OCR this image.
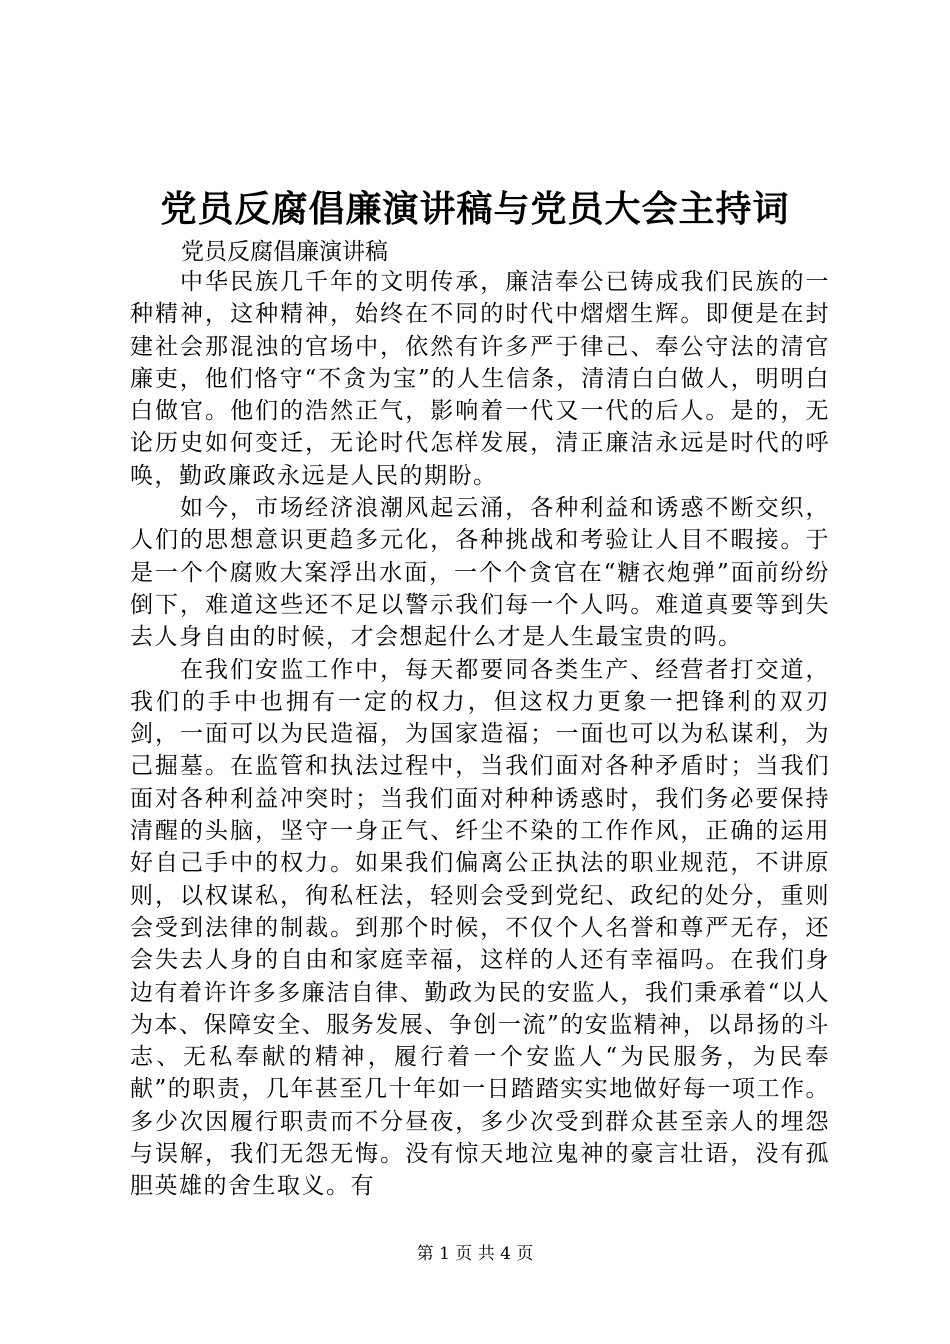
党员反腐倡廉演讲稿与党员大会主持词

党员反腐倡廉演讲稿

中华民族几千年的文明传承，廉洁奉公已铸成我们民族的一种精神，这种精神，始终在不同的时代中熠熠生辉。即便是在封建社会那混浊的官场中，依然有许多严于律己、奉公守法的清官廉吏，他们恪守“不贪为宝”的人生信条，清清白白做人，明明白白做官。他们的浩然正气，影响着一代又一代的后人。是的，无论历史如何变迁，无论时代怎样发展，清正廉洁永远是时代的呼唤，勤政廉政永远是人民的期盼。

如今，市场经济浪潮风起云涌，各种利益和诱惑不断交织，人们的思想意识更趋多元化，各种挑战和考验让人目不暇接。于是一个个腐败大案浮出水面，一个个贪官在“糖衣炮弹”面前纷纷倒下，难道这些还不足以警示我们每一个人吗。难道真要等到失去人身自由的时候，才会想起什么才是人生最宝贵的吗。

在我们安监工作中，每天都要同各类生产、经营者打交道，我们的手中也拥有一定的权力，但这权力更象一把锋利的双刃剑，一面可以为民造福，为国家造福；一面也可以为私谋利，为己掘墓。在监管和执法过程中，当我们面对各种矛盾时；当我们面对各种利益冲突时；当我们面对种种诱惑时，我们务必要保持清醒的头脑，坚守一身正气、纤尘不染的工作作风，正确的运用好自己手中的权力。如果我们偏离公正执法的职业规范，不讲原则，以权谋私，徇私枉法，轻则会受到党纪、政纪的处分，重则会受到法律的制裁。到那个时候，不仅个人名誉和尊严无存，还会失去人身的自由和家庭幸福，这样的人还有幸福吗。在我们身边有着许许多多廉洁自律、勤政为民的安监人，我们秉承着“以人为本、保障安全、服务发展、争创一流”的安监精神，以昂扬的斗志、无私奉献的精神，履行着一个安监人“为民服务，为民奉献”的职责，几年甚至几十年如一日踏踏实实地做好每一项工作。多少次因履行职责而不分昼夜，多少次受到群众甚至亲人的埋怨与误解，我们无怨无悔。没有惊天地泣鬼神的豪言壮语，没有孤胆英雄的舍生取义。有

第 1 页 共 4 页
